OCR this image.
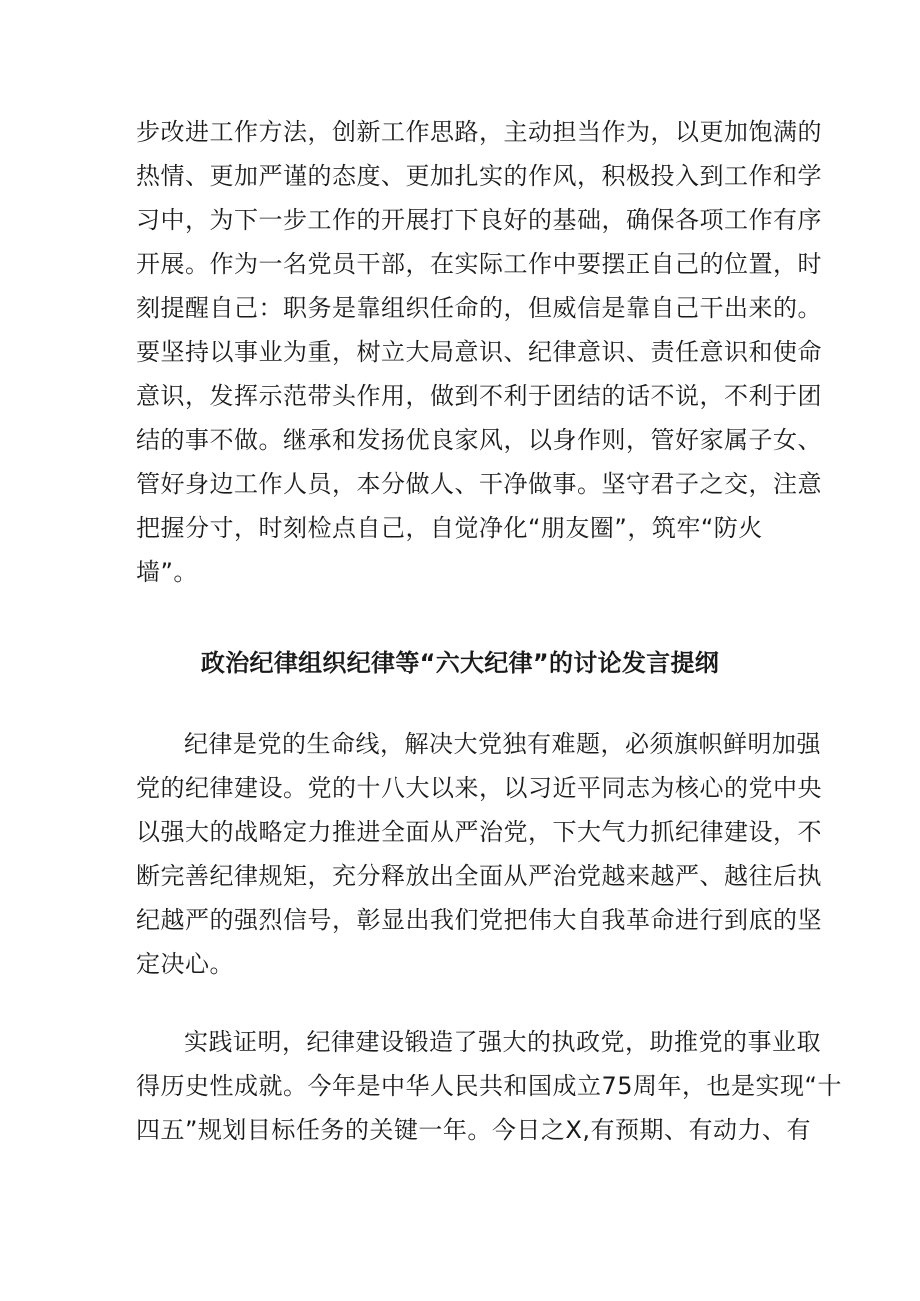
步改进工作方法，创新工作思路，主动担当作为，以更加饱满的
热情、更加严谨的态度、更加扎实的作风，积极投入到工作和学
习中，为下一步工作的开展打下良好的基础，确保各项工作有序
开展。作为一名党员干部，在实际工作中要摆正自己的位置，时
刻提醒自己：职务是靠组织任命的，但威信是靠自己干出来的。
要坚持以事业为重，树立大局意识、纪律意识、责任意识和使命
意识，发挥示范带头作用，做到不利于团结的话不说，不利于团
结的事不做。继承和发扬优良家风，以身作则，管好家属子女、
管好身边工作人员，本分做人、干净做事。坚守君子之交，注意
把握分寸，时刻检点自己，自觉净化“朋友圈”，筑牢“防火
墙”。
政治纪律组织纪律等“六大纪律”的讨论发言提纲
纪律是党的生命线，解决大党独有难题，必须旗帜鲜明加强
党的纪律建设。党的十八大以来，以习近平同志为核心的党中央
以强大的战略定力推进全面从严治党，下大气力抓纪律建设，不
断完善纪律规矩，充分释放出全面从严治党越来越严、越往后执
纪越严的强烈信号，彰显出我们党把伟大自我革命进行到底的坚
定决心。
实践证明，纪律建设锻造了强大的执政党，助推党的事业取
得历史性成就。今年是中华人民共和国成立75周年，也是实现“十
四五”规划目标任务的关键一年。今日之X,有预期、有动力、有
